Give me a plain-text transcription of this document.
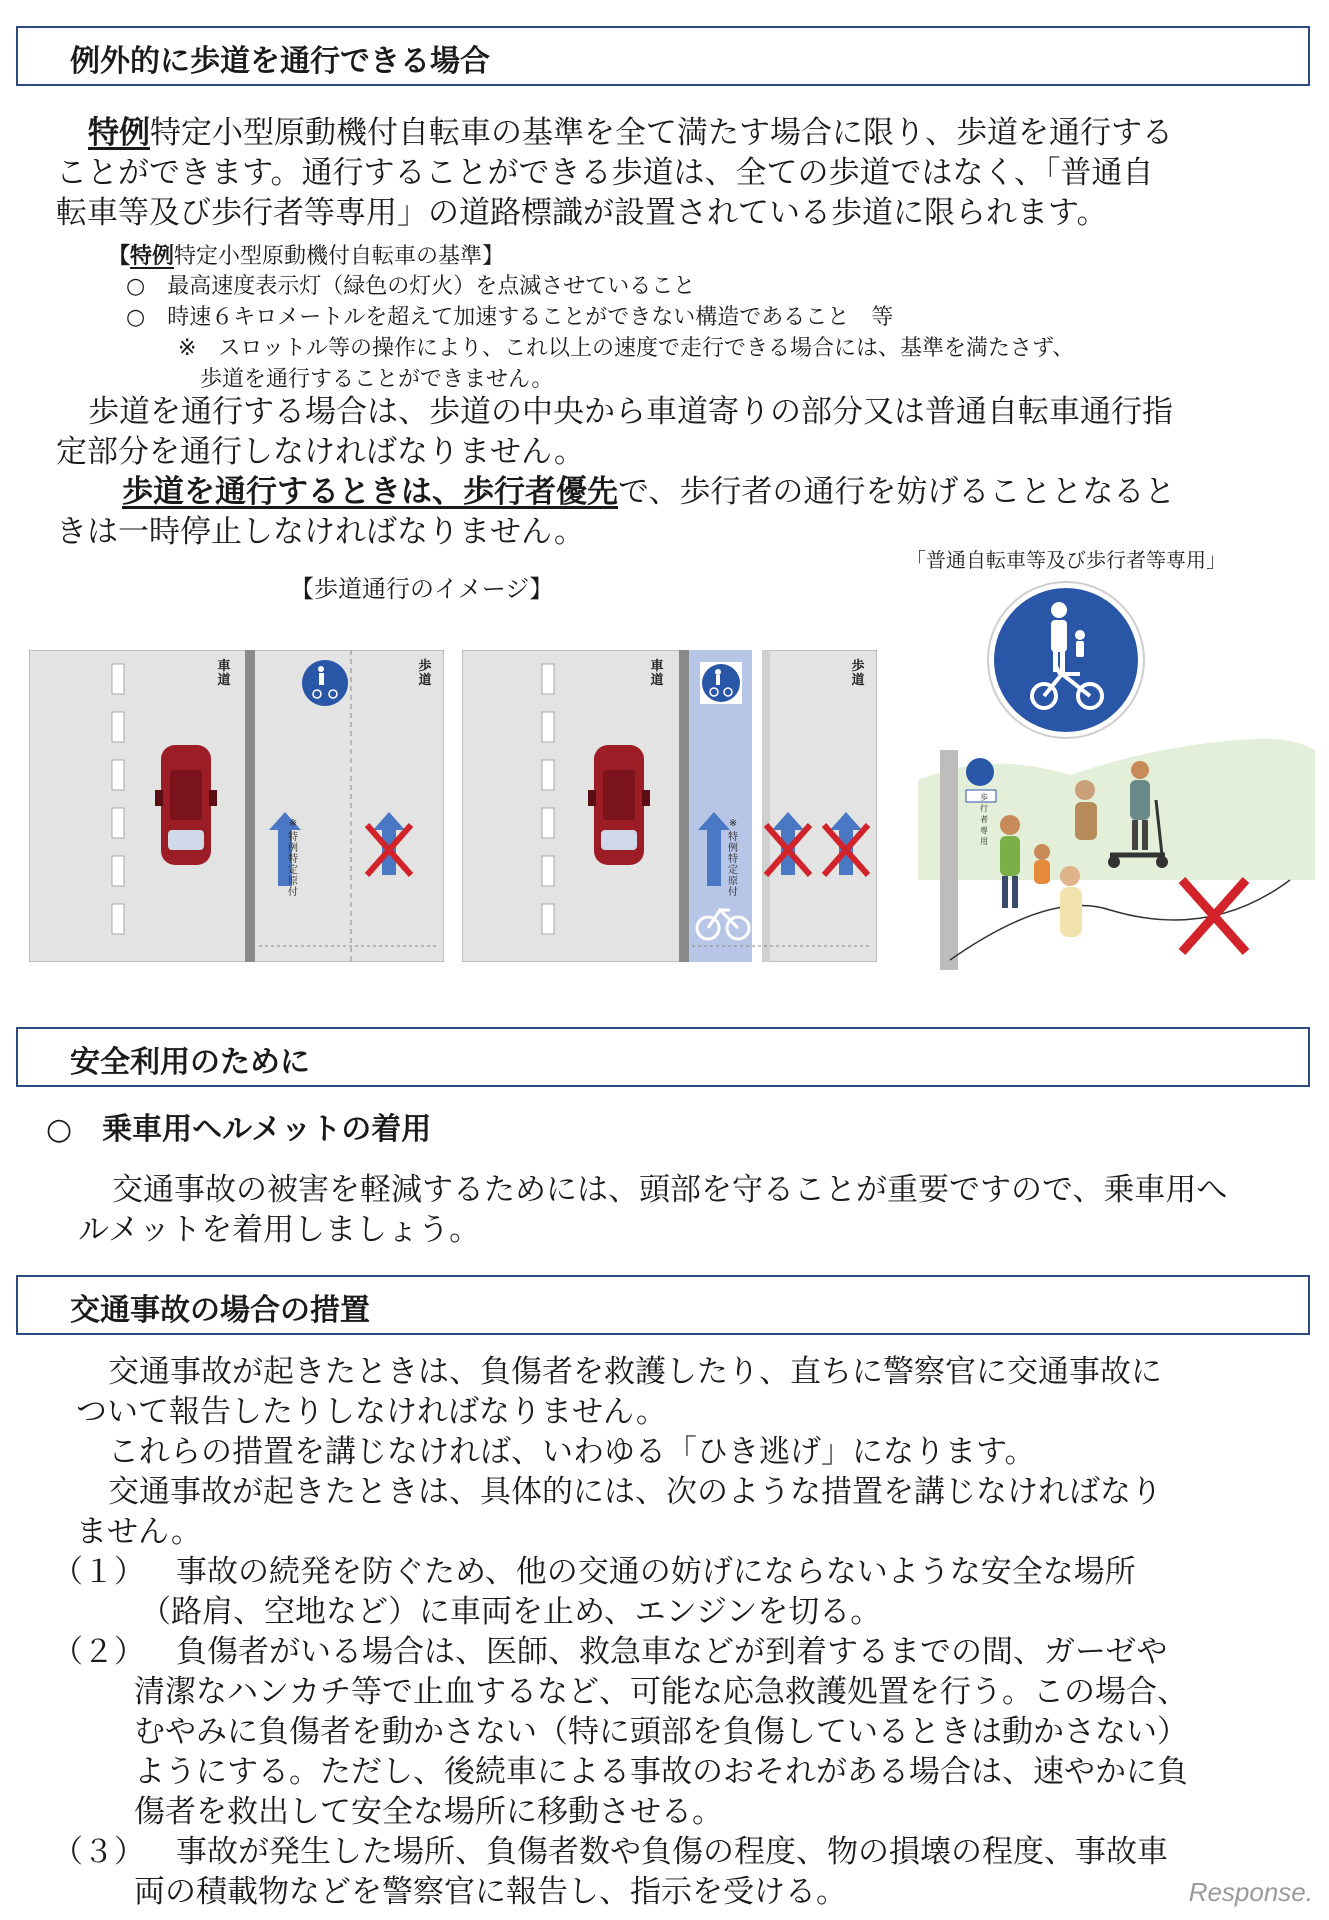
例外的に歩道を通行できる場合
特例特定小型原動機付自転車の基準を全て満たす場合に限り、歩道を通行する
ことができます。通行することができる歩道は、全ての歩道ではなく、「普通自
転車等及び歩行者等専用」の道路標識が設置されている歩道に限られます。
【特例特定小型原動機付自転車の基準】
○　最高速度表示灯（緑色の灯火）を点滅させていること
○　時速６キロメートルを超えて加速することができない構造であること　等
※　スロットル等の操作により、これ以上の速度で走行できる場合には、基準を満たさず、
歩道を通行することができません。
歩道を通行する場合は、歩道の中央から車道寄りの部分又は普通自転車通行指
定部分を通行しなければなりません。
歩道を通行するときは、歩行者優先で、歩行者の通行を妨げることとなると
きは一時停止しなければなりません。
【歩道通行のイメージ】
「普通自転車等及び歩行者等専用」
車
道
歩
道
※
特
例
特
定
原
付
車
道
歩
道
※
特
例
特
定
原
付
歩
行
者
専
用
安全利用のために
○　乗車用ヘルメットの着用
交通事故の被害を軽減するためには、頭部を守ることが重要ですので、乗車用へ
ルメットを着用しましょう。
交通事故の場合の措置
交通事故が起きたときは、負傷者を救護したり、直ちに警察官に交通事故に
ついて報告したりしなければなりません。
これらの措置を講じなければ、いわゆる「ひき逃げ」になります。
交通事故が起きたときは、具体的には、次のような措置を講じなければなり
ません。
（１） 事故の続発を防ぐため、他の交通の妨げにならないような安全な場所
（路肩、空地など）に車両を止め、エンジンを切る。
（２） 負傷者がいる場合は、医師、救急車などが到着するまでの間、ガーゼや
清潔なハンカチ等で止血するなど、可能な応急救護処置を行う。この場合、
むやみに負傷者を動かさない（特に頭部を負傷しているときは動かさない）
ようにする。ただし、後続車による事故のおそれがある場合は、速やかに負
傷者を救出して安全な場所に移動させる。
（３） 事故が発生した場所、負傷者数や負傷の程度、物の損壊の程度、事故車
両の積載物などを警察官に報告し、指示を受ける。	Response.
